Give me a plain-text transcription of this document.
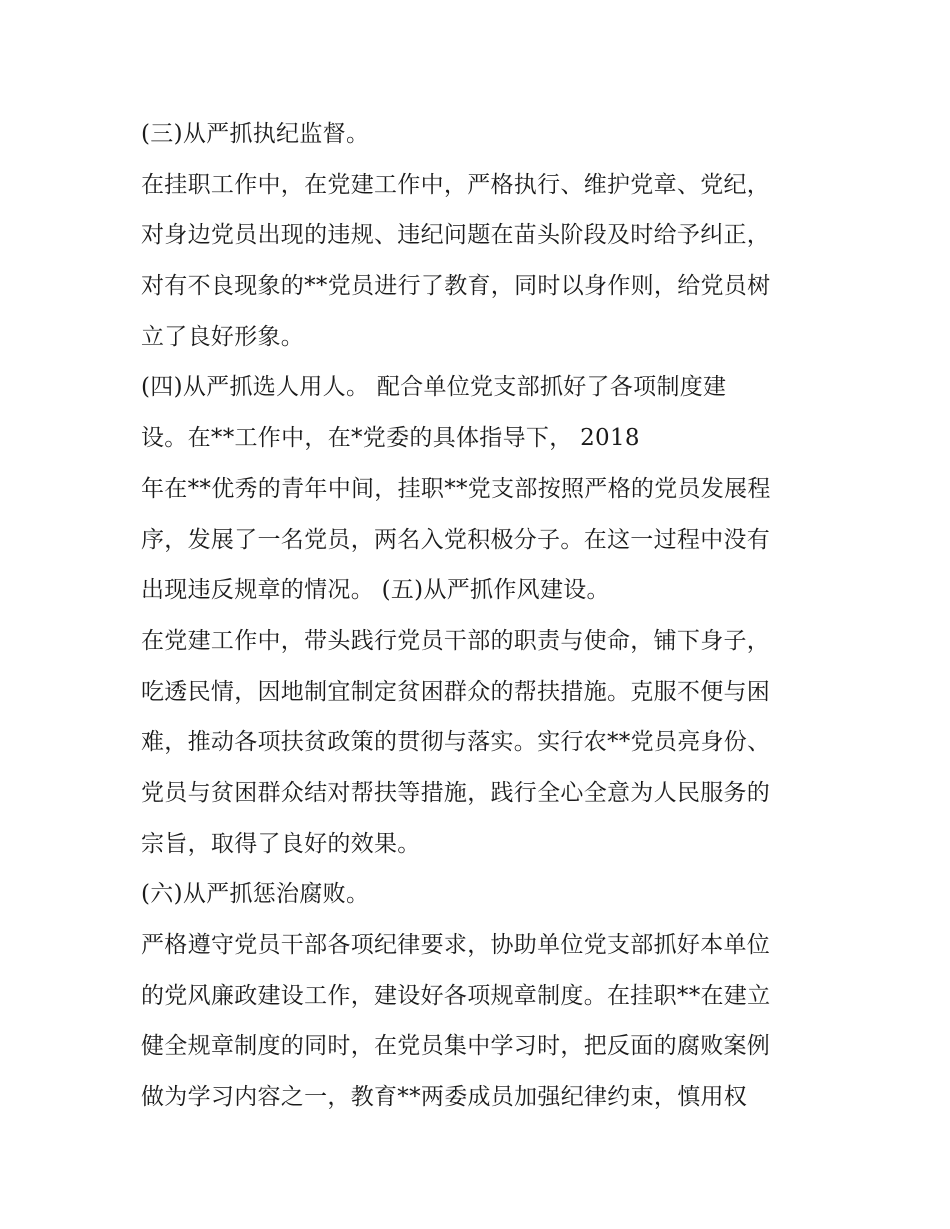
(三)从严抓执纪监督。
在挂职工作中，在党建工作中，严格执行、维护党章、党纪，
对身边党员出现的违规、违纪问题在苗头阶段及时给予纠正，
对有不良现象的**党员进行了教育，同时以身作则，给党员树
立了良好形象。
(四)从严抓选人用人。 配合单位党支部抓好了各项制度建
设。在**工作中，在*党委的具体指导下， 2018
年在**优秀的青年中间，挂职**党支部按照严格的党员发展程
序，发展了一名党员，两名入党积极分子。在这一过程中没有
出现违反规章的情况。 (五)从严抓作风建设。
在党建工作中，带头践行党员干部的职责与使命，铺下身子，
吃透民情，因地制宜制定贫困群众的帮扶措施。克服不便与困
难，推动各项扶贫政策的贯彻与落实。实行农**党员亮身份、
党员与贫困群众结对帮扶等措施，践行全心全意为人民服务的
宗旨，取得了良好的效果。
(六)从严抓惩治腐败。
严格遵守党员干部各项纪律要求，协助单位党支部抓好本单位
的党风廉政建设工作，建设好各项规章制度。在挂职**在建立
健全规章制度的同时，在党员集中学习时，把反面的腐败案例
做为学习内容之一，教育**两委成员加强纪律约束，慎用权
